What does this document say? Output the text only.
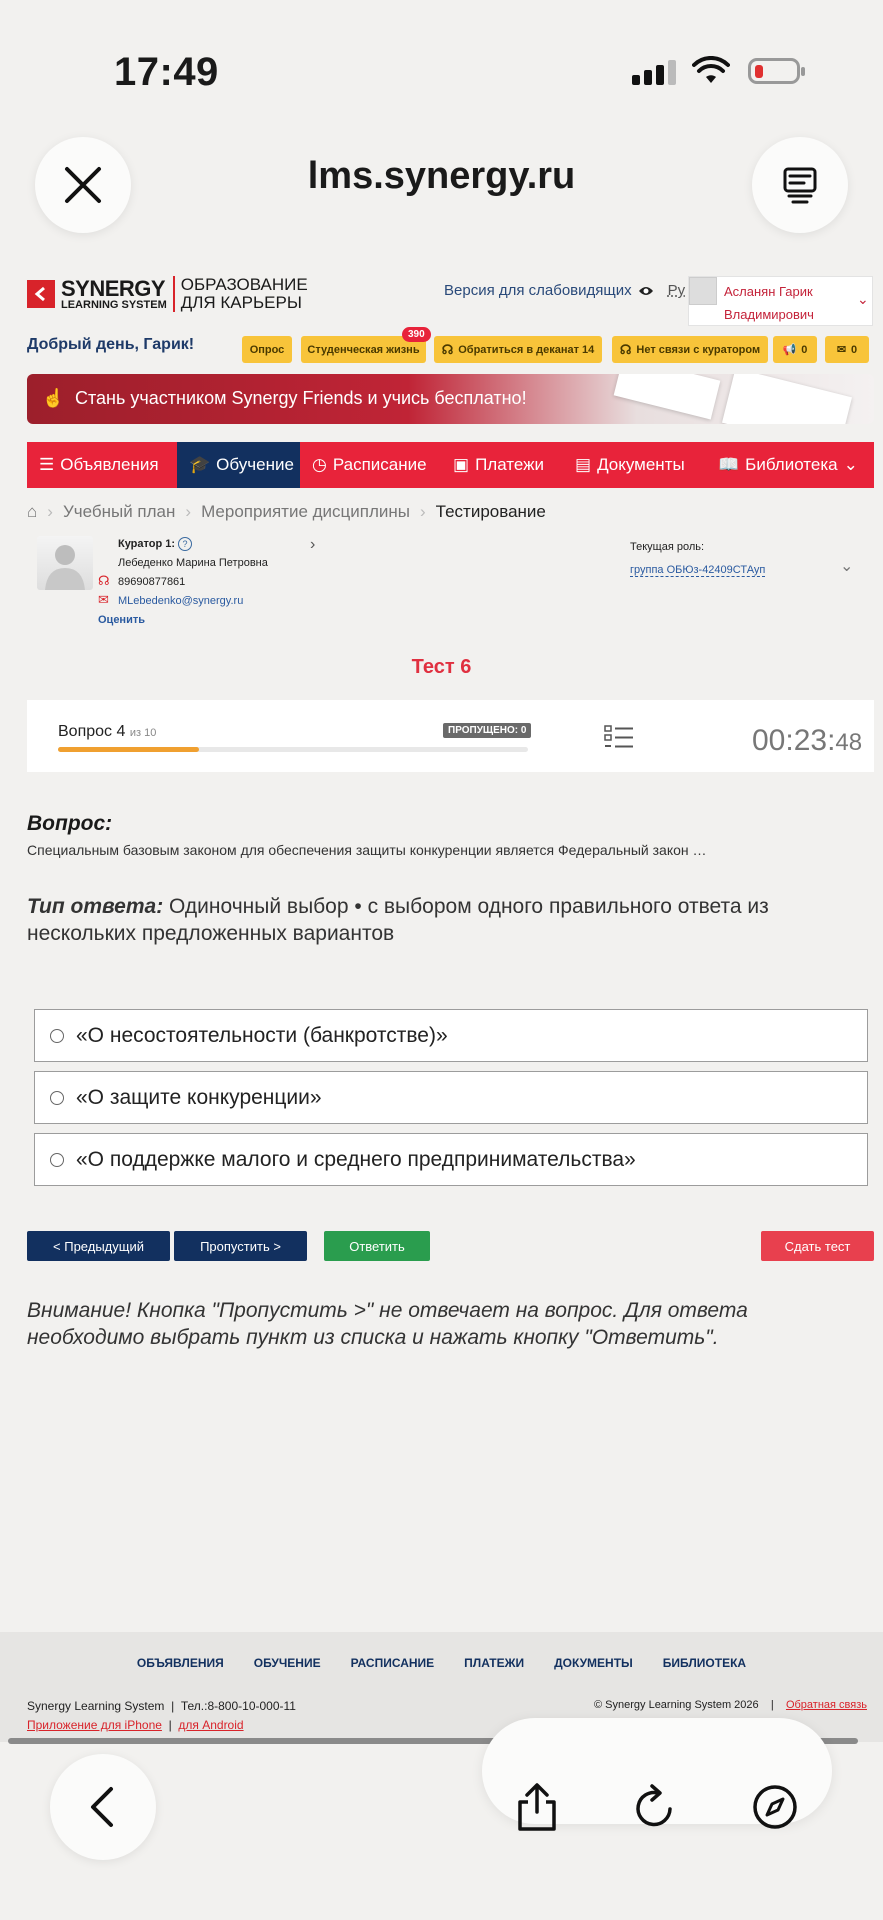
17:49
lms.synergy.ru
SYNERGY
LEARNING SYSTEM
ОБРАЗОВАНИЕ
ДЛЯ КАРЬЕРЫ
Версия для слабовидящих Ру	Асланян Гарик
Владимирович
⌄
Добрый день, Гарик!	Опрос	Студенческая жизнь
390
☊ Обратиться в деканат 14 ☊ Нет связи с куратором 📢 0	✉ 0
☝ Стань участником Synergy Friends и учись бесплатно!
☰ Объявления 🎓 Обучение ◷ Расписание ▣ Платежи ▤ Документы 📖 Библиотека ⌄
⌂ › Учебный план › Мероприятие дисциплины › Тестирование
Куратор 1: ?
Лебеденко Марина Петровна
☊ 89690877861
✉ MLebedenko@synergy.ru
Оценить
›	Текущая роль:
группа ОБЮз-42409СТАуп	⌄
Тест 6
Вопрос 4 из 10	ПРОПУЩЕНО: 0	00:23:48
Вопрос:
Специальным базовым законом для обеспечения защиты конкуренции является Федеральный закон …
Тип ответа: Одиночный выбор • с выбором одного правильного ответа из нескольких предложенных вариантов
«О несостоятельности (банкротстве)»
«О защите конкуренции»
«О поддержке малого и среднего предпринимательства»
< Предыдущий	Пропустить >	Ответить	Сдать тест
Внимание! Кнопка "Пропустить >" не отвечает на вопрос. Для ответа необходимо выбрать пункт из списка и нажать кнопку "Ответить".
ОБЪЯВЛЕНИЯ	ОБУЧЕНИЕ	РАСПИСАНИЕ	ПЛАТЕЖИ	ДОКУМЕНТЫ	БИБЛИОТЕКА
Synergy Learning System  |  Тел.:8-800-10-000-11
Приложение для iPhone  |  для Android
© Synergy Learning System 2026    |    Обратная связь
